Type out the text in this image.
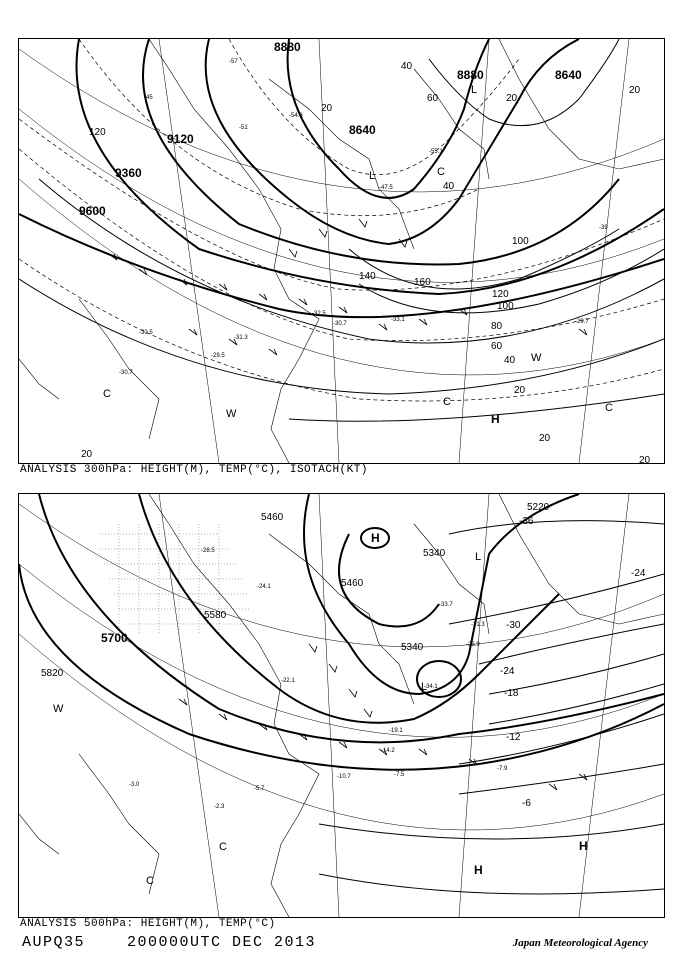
9120
9360
9600
8880
8640
8880	8640
120
140
160
120
100
100
80
60
40
20
20
20
20
40
60
40
20
20
20
L
L
H
C
C	C
W
W
C
-30.5
-30.7
-31.3
-29.5
-32.5
-33.1
-30.7	-29.7
-55.1
-54.6
-47.5
-39
-45
-51
-57
ANALYSIS 300hPa: HEIGHT(M), TEMP(°C), ISOTACH(KT)
5700
5820
5460
5580
5340
5220
5460
5340
-36
-30
-24
-24
-18
-12
-6
H
L
L
W
C
C
H
H
-3.0
-2.3
-5.7
-7.5
-10.7
-14.2
-19.1
-24.1
-28.5
-33.7
-34.1
-31.3
-25.9
-22.1
-7.9
ANALYSIS 500hPa: HEIGHT(M), TEMP(°C)
AUPQ35	200000UTC DEC 2013	Japan Meteorological Agency
